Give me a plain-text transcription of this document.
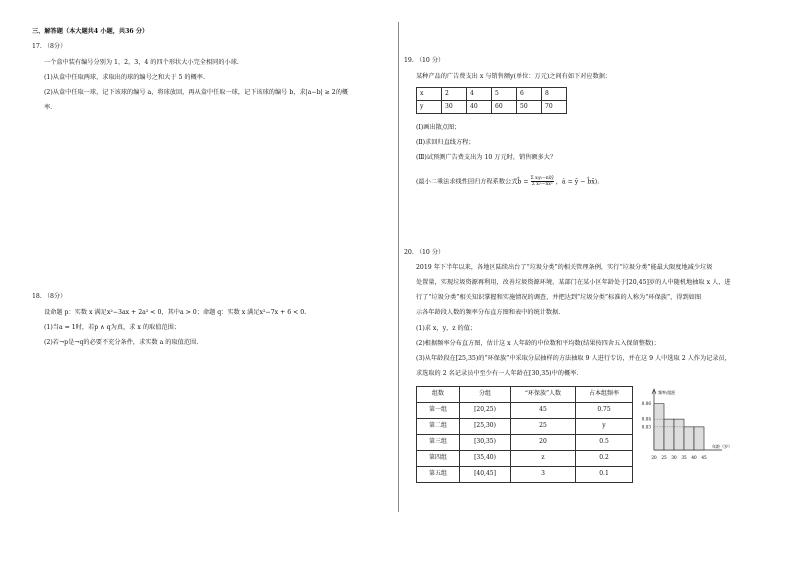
三、解答题（本大题共4 小题，共36 分）
17. （8分）
一个盒中装有编号分别为 1，2，3，4 的四个形状大小完全相同的小球.
(1)从盒中任取两球，求取出的球的编号之和大于 5 的概率.
(2)从盒中任取一球，记下该球的编号 a，将球放回，再从盒中任取一球，记下该球的编号 b，求|a−b| ≥ 2的概
率.
18. （8分）
设命题 p：实数 x 满足x²−3ax + 2a² < 0，其中a > 0；命题 q：实数 x 满足x²−7x + 6 < 0.
(1)当a = 1时，若p ∧ q为真，求 x 的取值范围；
(2)若¬p是¬q的必要不充分条件，求实数 a 的取值范围.
19. （10 分）
某种产品的广告费支出 x 与销售额y(单位：万元)之间有如下对应数据：
x	2	4	5	6	8
y	30	40	60	50	70
(Ⅰ)画出散点图；
(Ⅱ)求回归直线方程；
(Ⅲ)试预测广告费支出为 10 万元时，销售额多大？
(最小二乘法求线性回归方程系数公式b̂ = Σ xᵢyᵢ−nx̄ȳ
Σ xᵢ²−nx̄² ，â = ȳ − b̂x̄).
20. （10 分）
2019 年下半年以来，各地区陆续出台了“垃圾分类”的相关管理条例，实行“垃圾分类”能最大限度地减少垃圾
处置量，实现垃圾资源再利用，改善垃圾资源环境，某部门在某小区年龄处于[20,45]岁的人中随机地抽取 x 人，进
行了“垃圾分类”相关知识掌握和实施情况的调查，并把达到“垃圾分类”标准的人称为“环保族”，得到如图
示各年龄段人数的频率分布直方图和表中的统计数据.
(1)求 x，y，z 的值；
(2)根据频率分布直方图，估计这 x 人年龄的中位数和平均数(结果按四舍五入保留整数)；
(3)从年龄段在[25,35)的“环保族”中采取分层抽样的方法抽取 9 人进行专访，并在这 9 人中选取 2 人作为记录员，
求选取的 2 名记录员中至少有一人年龄在[30,35)中的概率.
组数	分组	“环保族”人数	占本组频率
第一组	[20,25)	45	0.75
第二组	[25,30)	25	y
第三组	[30,35)	20	0.5
第四组	[35,40)	z	0.2
第五组	[40,45]	3	0.1
频率/组距
0.06
0.04
0.03
20 25 30 35 40 45
年龄（岁）
